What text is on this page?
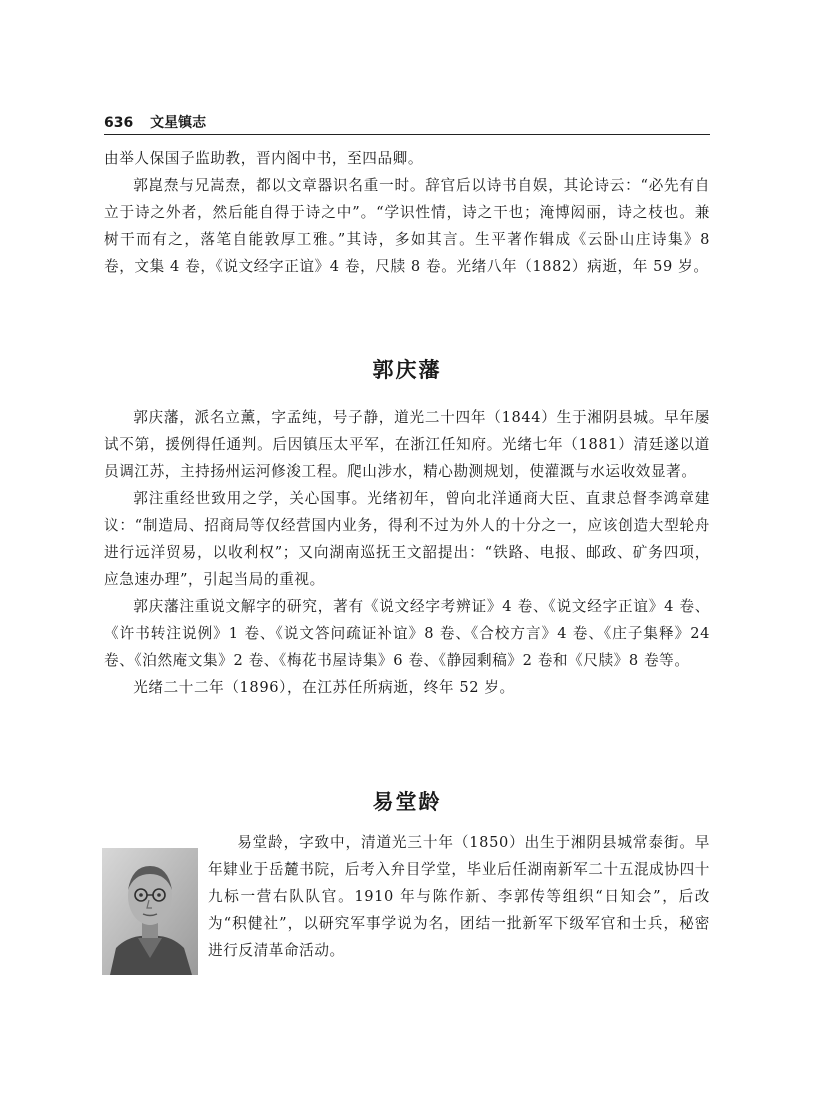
636 文星镇志

由举人保国子监助教，晋内阁中书，至四品卿。

郭崑焘与兄嵩焘，都以文章器识名重一时。辞官后以诗书自娱，其论诗云：“必先有自立于诗之外者，然后能自得于诗之中”。“学识性情，诗之干也；淹博闳丽，诗之枝也。兼树干而有之，落笔自能敦厚工雅。”其诗，多如其言。生平著作辑成《云卧山庄诗集》8 卷，文集 4 卷，《说文经字正谊》4 卷，尺牍 8 卷。光绪八年（1882）病逝，年 59 岁。

郭庆藩

郭庆藩，派名立薰，字孟纯，号子静，道光二十四年（1844）生于湘阴县城。早年屡试不第，援例得任通判。后因镇压太平军，在浙江任知府。光绪七年（1881）清廷遂以道员调江苏，主持扬州运河修浚工程。爬山涉水，精心勘测规划，使灌溉与水运收效显著。

郭注重经世致用之学，关心国事。光绪初年，曾向北洋通商大臣、直隶总督李鸿章建议：“制造局、招商局等仅经营国内业务，得利不过为外人的十分之一，应该创造大型轮舟进行远洋贸易，以收利权”；又向湖南巡抚王文韶提出：“铁路、电报、邮政、矿务四项，应急速办理”，引起当局的重视。

郭庆藩注重说文解字的研究，著有《说文经字考辨证》4 卷、《说文经字正谊》4 卷、《许书转注说例》1 卷、《说文答问疏证补谊》8 卷、《合校方言》4 卷、《庄子集释》24 卷、《泊然庵文集》2 卷、《梅花书屋诗集》6 卷、《静园剩稿》2 卷和《尺牍》8 卷等。

光绪二十二年（1896），在江苏任所病逝，终年 52 岁。

易堂龄

易堂龄，字致中，清道光三十年（1850）出生于湘阴县城常泰街。早年肄业于岳麓书院，后考入弁目学堂，毕业后任湖南新军二十五混成协四十九标一营右队队官。1910 年与陈作新、李郭传等组织“日知会”，后改为“积健社”，以研究军事学说为名，团结一批新军下级军官和士兵，秘密进行反清革命活动。
